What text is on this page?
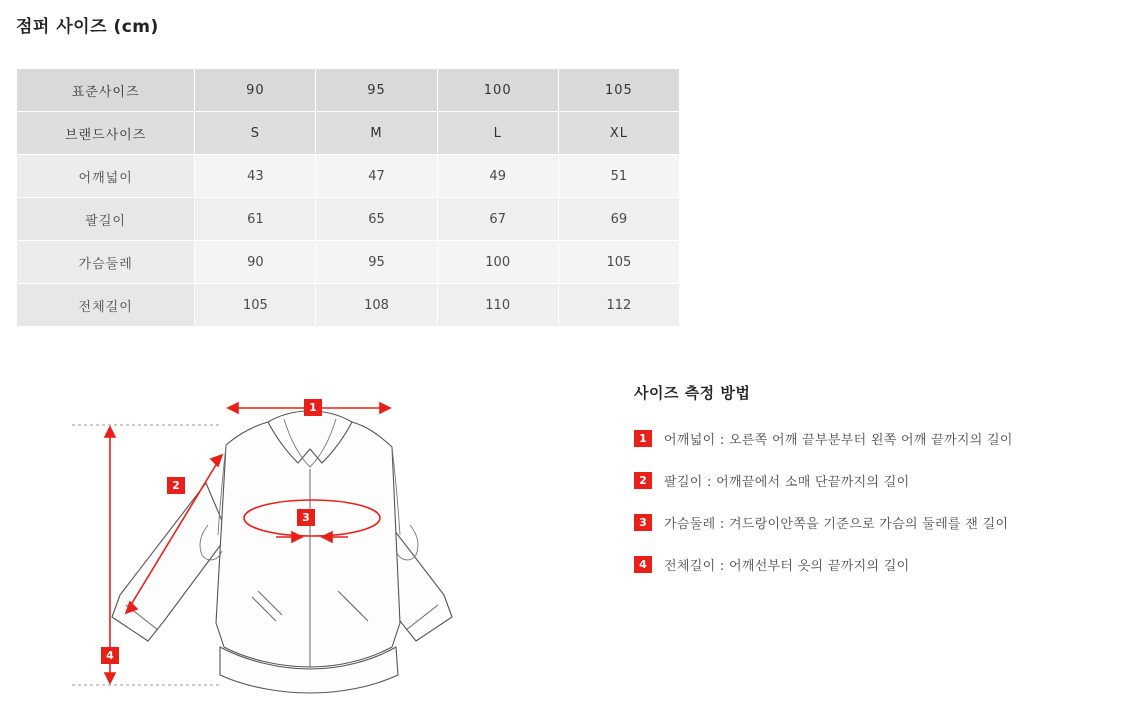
점퍼 사이즈 (cm)
표준사이즈	90	95	100	105
브랜드사이즈	S	M	L	XL
어깨넓이	43	47	49	51
팔길이	61	65	67	69
가슴둘레	90	95	100	105
전체길이	105	108	110	112
1
2
3
4
사이즈 측정 방법
1	어깨넓이 : 오른쪽 어깨 끝부분부터 왼쪽 어깨 끝까지의 길이
2	팔길이 : 어깨끝에서 소매 단끝까지의 길이
3	가슴둘레 : 겨드랑이안쪽을 기준으로 가슴의 둘레를 잰 길이
4	전체길이 : 어깨선부터 옷의 끝까지의 길이
